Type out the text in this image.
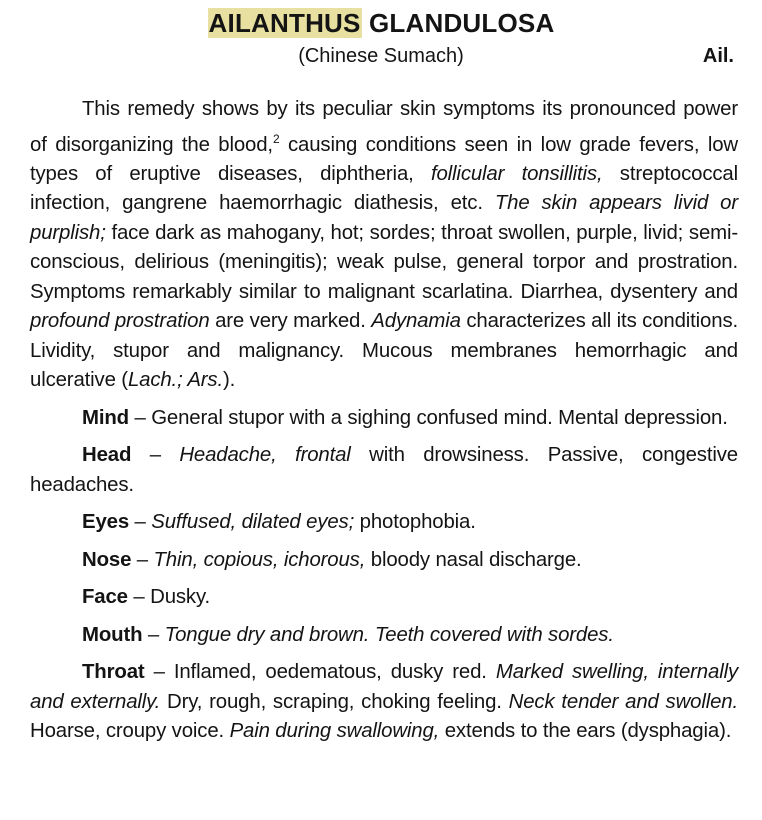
AILANTHUS GLANDULOSA
(Chinese Sumach)	Ail.

This remedy shows by its peculiar skin symptoms its pronounced power of disorganizing the blood,$^2$ causing conditions seen in low grade fevers, low types of eruptive diseases, diphtheria, follicular tonsillitis, streptococcal infection, gangrene haemorrhagic diathesis, etc. The skin appears livid or purplish; face dark as mahogany, hot; sordes; throat swollen, purple, livid; semi-conscious, delirious (meningitis); weak pulse, general torpor and prostration. Symptoms remarkably similar to malignant scarlatina. Diarrhea, dysentery and profound prostration are very marked. Adynamia characterizes all its conditions. Lividity, stupor and malignancy. Mucous membranes hemorrhagic and ulcerative (Lach.; Ars.).

Mind – General stupor with a sighing confused mind. Mental depression.

Head – Headache, frontal with drowsiness. Passive, congestive headaches.

Eyes – Suffused, dilated eyes; photophobia.

Nose – Thin, copious, ichorous, bloody nasal discharge.

Face – Dusky.

Mouth – Tongue dry and brown. Teeth covered with sordes.

Throat – Inflamed, oedematous, dusky red. Marked swelling, internally and externally. Dry, rough, scraping, choking feeling. Neck tender and swollen. Hoarse, croupy voice. Pain during swallowing, extends to the ears (dysphagia).
